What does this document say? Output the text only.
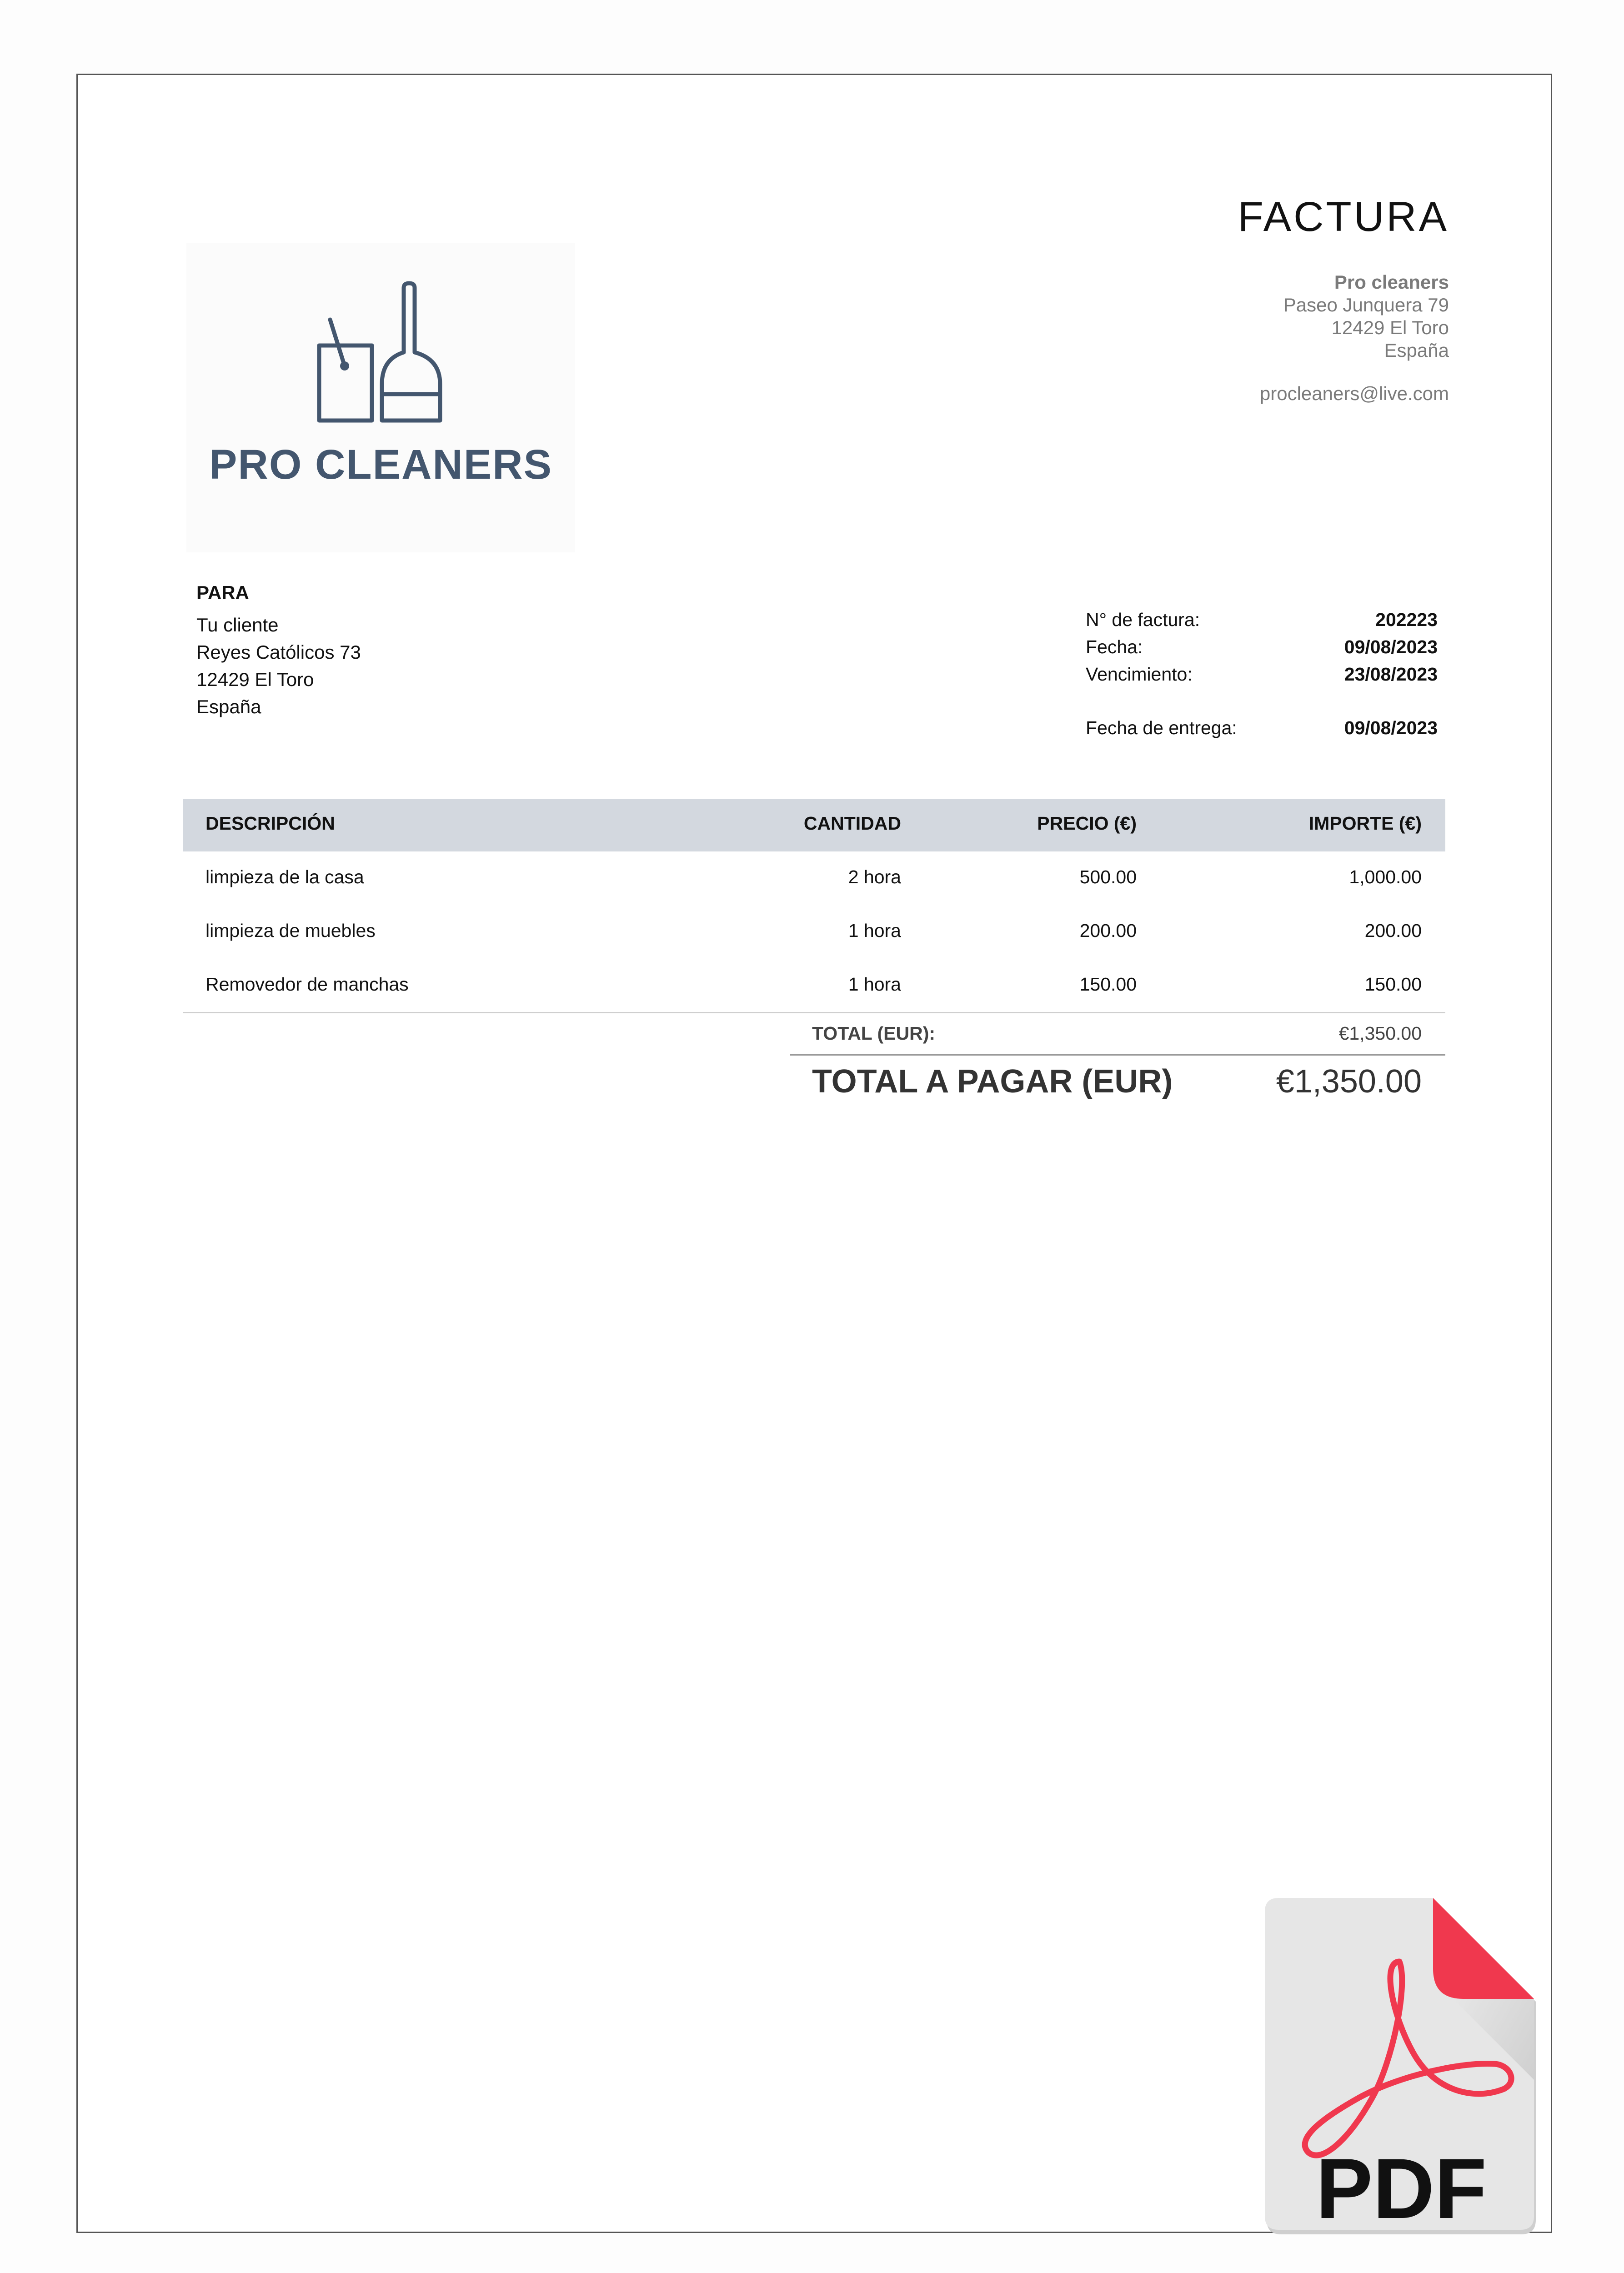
PRO CLEANERS
FACTURA
Pro cleaners
Paseo Junquera 79
12429 El Toro
España
procleaners@live.com
PARA
Tu cliente
Reyes Católicos 73
12429 El Toro
España
N° de factura:	202223
Fecha:	09/08/2023
Vencimiento:	23/08/2023
Fecha de entrega:	09/08/2023
DESCRIPCIÓN	CANTIDAD	PRECIO (€)	IMPORTE (€)
limpieza de la casa	2 hora	500.00	1,000.00
limpieza de muebles	1 hora	200.00	200.00
Removedor de manchas	1 hora	150.00	150.00
TOTAL (EUR):	€1,350.00
TOTAL A PAGAR (EUR)	€1,350.00
PDF
